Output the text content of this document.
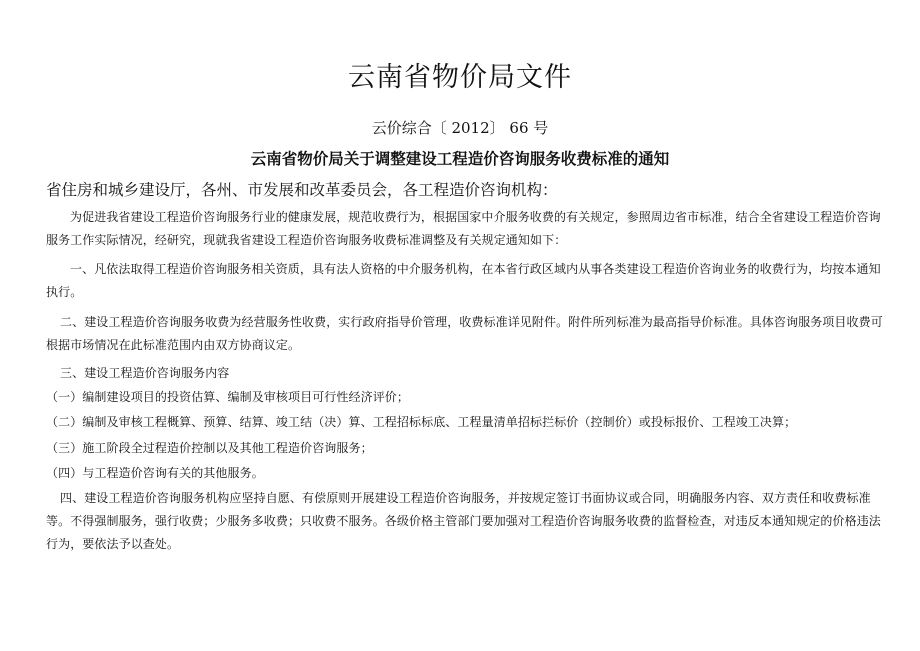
云南省物价局文件
云价综合〔 2012〕 66 号
云南省物价局关于调整建设工程造价咨询服务收费标准的通知
省住房和城乡建设厅，各州、市发展和改革委员会，各工程造价咨询机构：
为促进我省建设工程造价咨询服务行业的健康发展，规范收费行为，根据国家中介服务收费的有关规定，参照周边省市标准，结合全省建设工程造价咨询服务工作实际情况，经研究，现就我省建设工程造价咨询服务收费标准调整及有关规定通知如下：
一、凡依法取得工程造价咨询服务相关资质，具有法人资格的中介服务机构，在本省行政区域内从事各类建设工程造价咨询业务的收费行为，均按本通知执行。
二、建设工程造价咨询服务收费为经营服务性收费，实行政府指导价管理，收费标准详见附件。附件所列标准为最高指导价标准。具体咨询服务项目收费可根据市场情况在此标准范围内由双方协商议定。
三、建设工程造价咨询服务内容
（一）编制建设项目的投资估算、编制及审核项目可行性经济评价；
（二）编制及审核工程概算、预算、结算、竣工结（决）算、工程招标标底、工程量清单招标拦标价（控制价）或投标报价、工程竣工决算；
（三）施工阶段全过程造价控制以及其他工程造价咨询服务；
（四）与工程造价咨询有关的其他服务。
四、建设工程造价咨询服务机构应坚持自愿、有偿原则开展建设工程造价咨询服务，并按规定签订书面协议或合同，明确服务内容、双方责任和收费标准等。不得强制服务，强行收费；少服务多收费；只收费不服务。各级价格主管部门要加强对工程造价咨询服务收费的监督检查，对违反本通知规定的价格违法行为，要依法予以查处。
